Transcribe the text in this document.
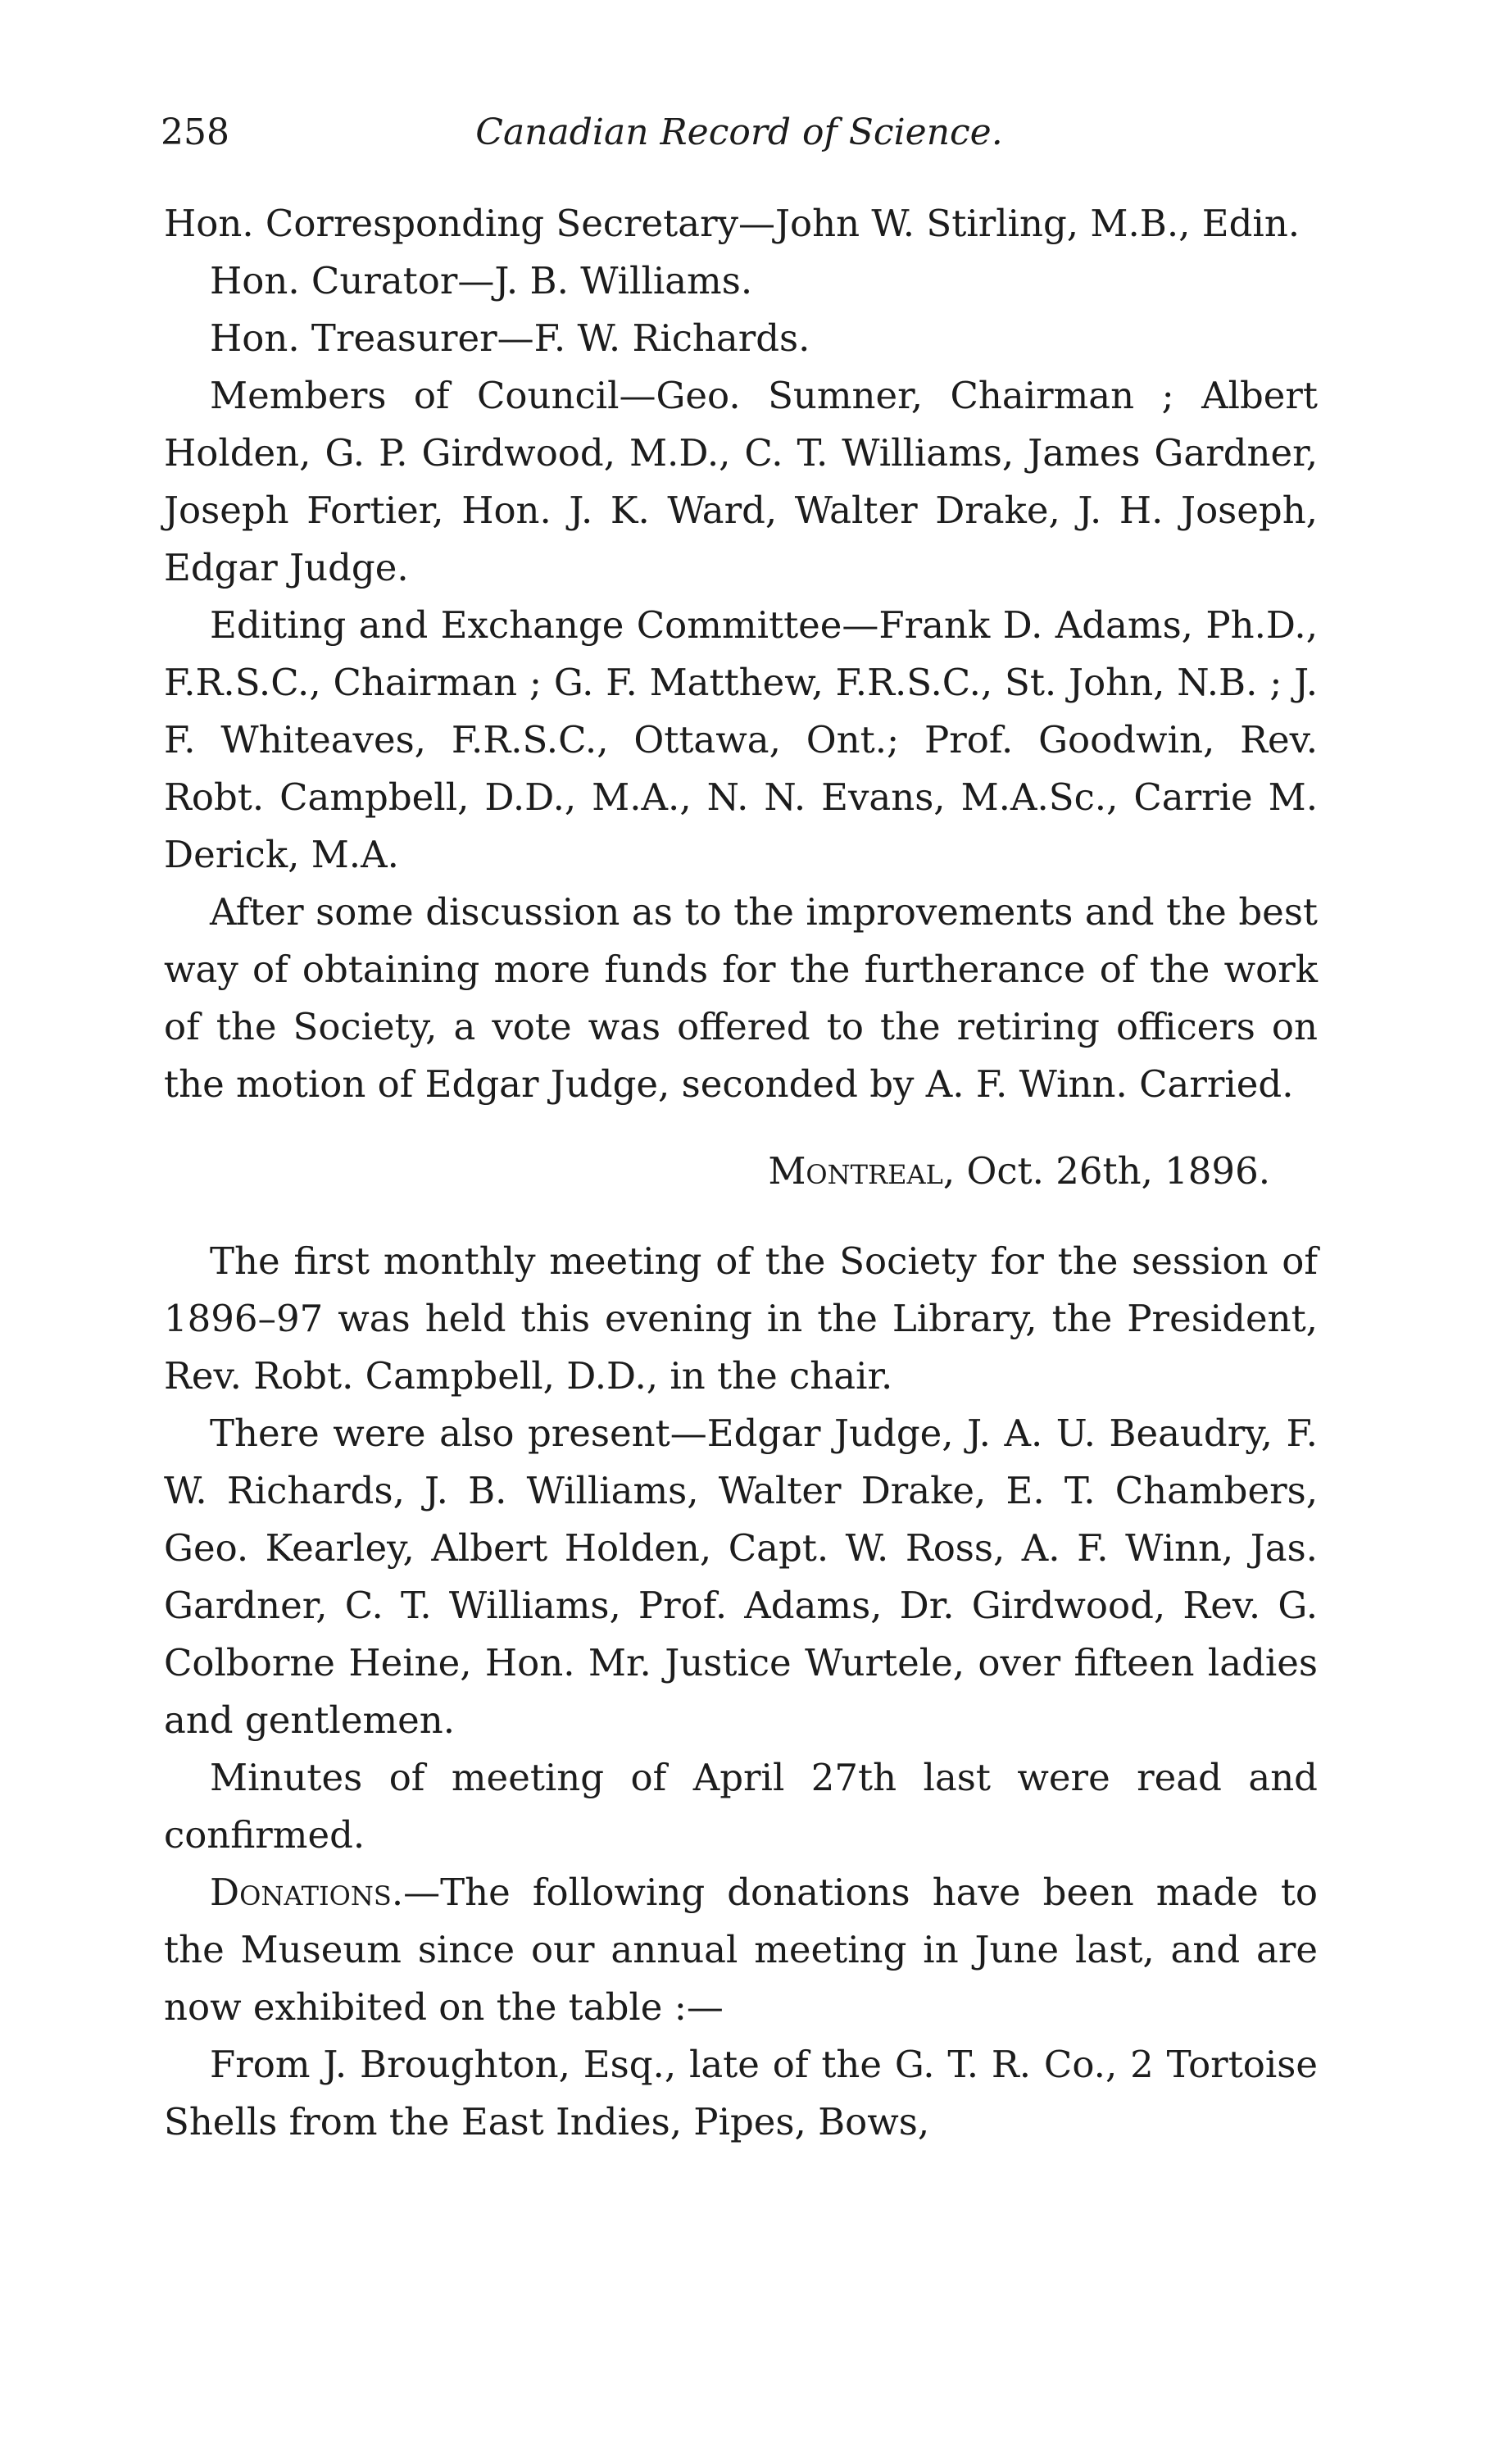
258	Canadian Record of Science.

Hon. Corresponding Secretary—John W. Stirling, M.B., Edin.

Hon. Curator—J. B. Williams.

Hon. Treasurer—F. W. Richards.

Members of Council—Geo. Sumner, Chairman ; Albert Holden, G. P. Girdwood, M.D., C. T. Williams, James Gardner, Joseph Fortier, Hon. J. K. Ward, Walter Drake, J. H. Joseph, Edgar Judge.

Editing and Exchange Committee—Frank D. Adams, Ph.D., F.R.S.C., Chairman ; G. F. Matthew, F.R.S.C., St. John, N.B. ; J. F. Whiteaves, F.R.S.C., Ottawa, Ont.; Prof. Goodwin, Rev. Robt. Campbell, D.D., M.A., N. N. Evans, M.A.Sc., Carrie M. Derick, M.A.

After some discussion as to the improvements and the best way of obtaining more funds for the furtherance of the work of the Society, a vote was offered to the retiring officers on the motion of Edgar Judge, seconded by A. F. Winn. Carried.

Montreal, Oct. 26th, 1896.

The first monthly meeting of the Society for the session of 1896–97 was held this evening in the Library, the President, Rev. Robt. Campbell, D.D., in the chair.

There were also present—Edgar Judge, J. A. U. Beaudry, F. W. Richards, J. B. Williams, Walter Drake, E. T. Chambers, Geo. Kearley, Albert Holden, Capt. W. Ross, A. F. Winn, Jas. Gardner, C. T. Williams, Prof. Adams, Dr. Girdwood, Rev. G. Colborne Heine, Hon. Mr. Justice Wurtele, over fifteen ladies and gentlemen.

Minutes of meeting of April 27th last were read and confirmed.

Donations.—The following donations have been made to the Museum since our annual meeting in June last, and are now exhibited on the table :—

From J. Broughton, Esq., late of the G. T. R. Co., 2 Tortoise Shells from the East Indies, Pipes, Bows,
